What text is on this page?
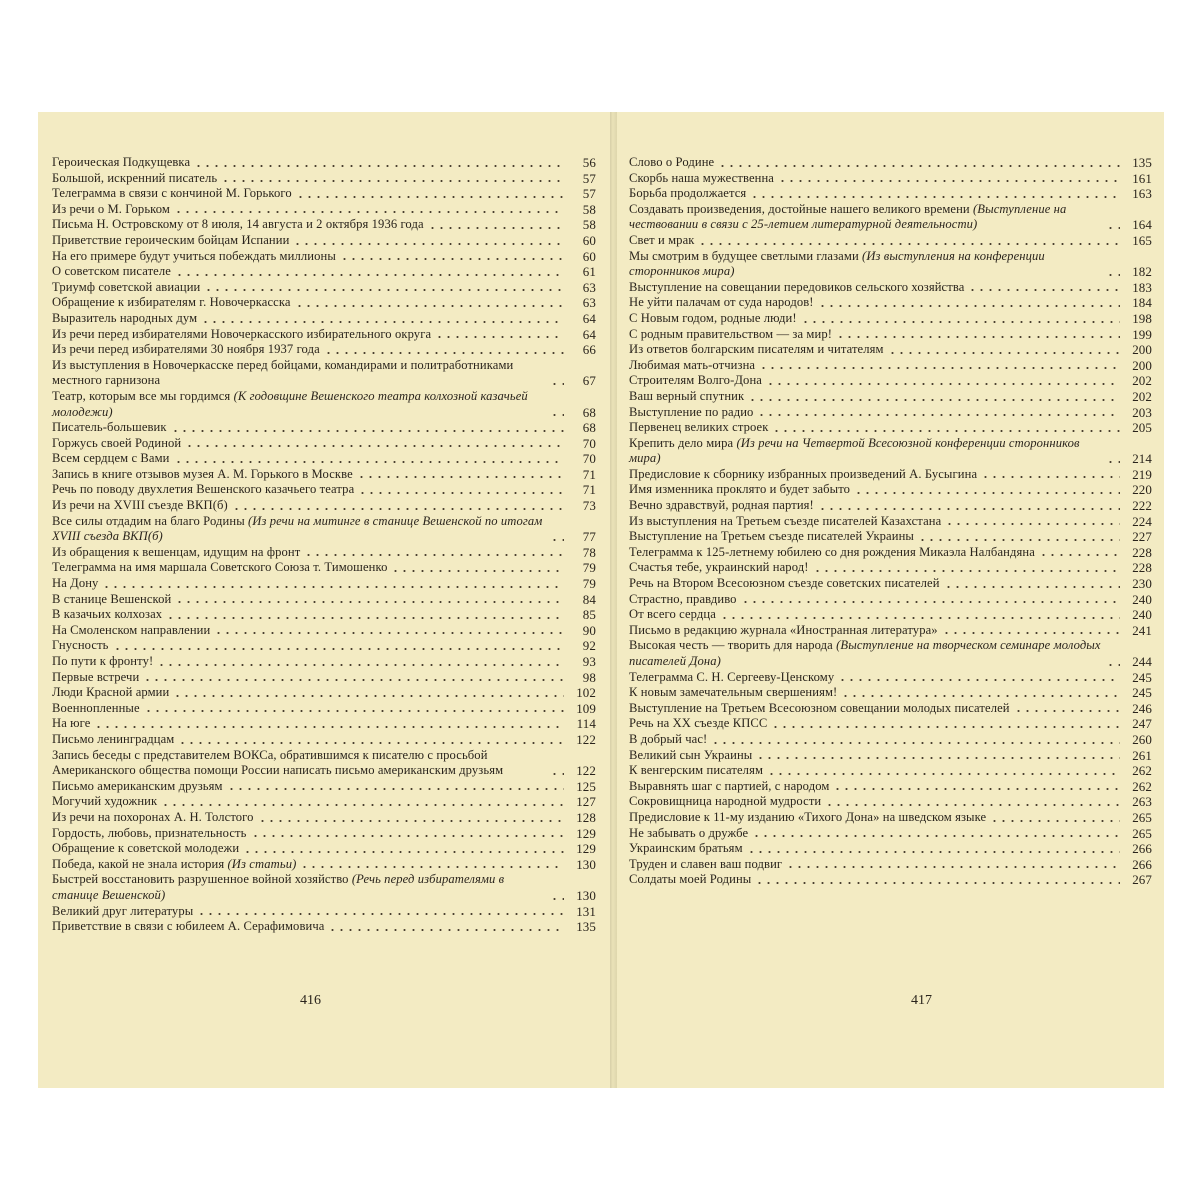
Героическая Подкущевка	56
Большой, искренний писатель	57
Телеграмма в связи с кончиной М. Горького	57
Из речи о М. Горьком	58
Письма Н. Островскому от 8 июля, 14 августа и 2 октября 1936 года	58
Приветствие героическим бойцам Испании	60
На его примере будут учиться побеждать миллионы	60
О советском писателе	61
Триумф советской авиации	63
Обращение к избирателям г. Новочеркасска	63
Выразитель народных дум	64
Из речи перед избирателями Новочеркасского избирательного округа	64
Из речи перед избирателями 30 ноября 1937 года	66
Из выступления в Новочеркасске перед бойцами, командирами и политработниками местного гарнизона	67
Театр, которым все мы гордимся (К годовщине Вешенского театра колхозной казачьей молодежи)	68
Писатель-большевик	68
Горжусь своей Родиной	70
Всем сердцем с Вами	70
Запись в книге отзывов музея А. М. Горького в Москве	71
Речь по поводу двухлетия Вешенского казачьего театра	71
Из речи на XVIII съезде ВКП(б)	73
Все силы отдадим на благо Родины (Из речи на митинге в станице Вешенской по итогам XVIII съезда ВКП(б)	77
Из обращения к вешенцам, идущим на фронт	78
Телеграмма на имя маршала Советского Союза т. Тимошенко	79
На Дону	79
В станице Вешенской	84
В казачьих колхозах	85
На Смоленском направлении	90
Гнусность	92
По пути к фронту!	93
Первые встречи	98
Люди Красной армии	102
Военнопленные	109
На юге	114
Письмо ленинградцам	122
Запись беседы с представителем ВОКСа, обратившимся к писателю с просьбой Американского общества помощи России написать письмо американским друзьям	122
Письмо американским друзьям	125
Могучий художник	127
Из речи на похоронах А. Н. Толстого	128
Гордость, любовь, признательность	129
Обращение к советской молодежи	129
Победа, какой не знала история (Из статьи)	130
Быстрей восстановить разрушенное войной хозяйство (Речь перед избирателями в станице Вешенской)	130
Великий друг литературы	131
Приветствие в связи с юбилеем А. Серафимовича	135
416
Слово о Родине	135
Скорбь наша мужественна	161
Борьба продолжается	163
Создавать произведения, достойные нашего великого времени (Выступление на чествовании в связи с 25-летием литературной деятельности)	164
Свет и мрак	165
Мы смотрим в будущее светлыми глазами (Из выступления на конференции сторонников мира)	182
Выступление на совещании передовиков сельского хозяйства	183
Не уйти палачам от суда народов!	184
С Новым годом, родные люди!	198
С родным правительством — за мир!	199
Из ответов болгарским писателям и читателям	200
Любимая мать-отчизна	200
Строителям Волго-Дона	202
Ваш верный спутник	202
Выступление по радио	203
Первенец великих строек	205
Крепить дело мира (Из речи на Четвертой Всесоюзной конференции сторонников мира)	214
Предисловие к сборнику избранных произведений А. Бусыгина	219
Имя изменника проклято и будет забыто	220
Вечно здравствуй, родная партия!	222
Из выступления на Третьем съезде писателей Казахстана	224
Выступление на Третьем съезде писателей Украины	227
Телеграмма к 125-летнему юбилею со дня рождения Микаэла Налбандяна	228
Счастья тебе, украинский народ!	228
Речь на Втором Всесоюзном съезде советских писателей	230
Страстно, правдиво	240
От всего сердца	240
Письмо в редакцию журнала «Иностранная литература»	241
Высокая честь — творить для народа (Выступление на творческом семинаре молодых писателей Дона)	244
Телеграмма С. Н. Сергееву-Ценскому	245
К новым замечательным свершениям!	245
Выступление на Третьем Всесоюзном совещании молодых писателей	246
Речь на XX съезде КПСС	247
В добрый час!	260
Великий сын Украины	261
К венгерским писателям	262
Выравнять шаг с партией, с народом	262
Сокровищница народной мудрости	263
Предисловие к 11-му изданию «Тихого Дона» на шведском языке	265
Не забывать о дружбе	265
Украинским братьям	266
Труден и славен ваш подвиг	266
Солдаты моей Родины	267
417
